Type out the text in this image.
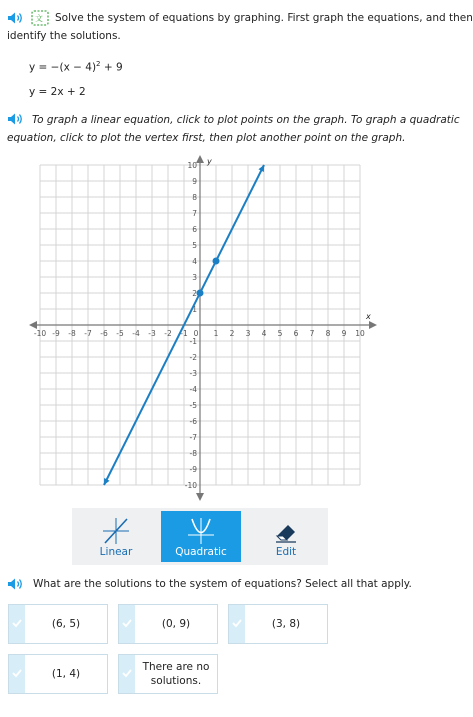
文	Solve the system of equations by graphing. First graph the equations, and then
identify the solutions.
$y = -(x - 4)^2 + 9$
y = 2x + 2
To graph a linear equation, click to plot points on the graph. To graph a quadratic
equation, click to plot the vertex first, then plot another point on the graph.
x
y
-10 -9 -8 -7 -6 -5 -4 -3 -2 -1 0 1 2 3 4 5 6 7 8 9 10
10
9
8
7
6
5
4
3
2
1
-1
-2
-3
-4
-5
-6
-7
-8
-9
-10
Linear	Quadratic	Edit
What are the solutions to the system of equations? Select all that apply.
(6, 5)	(0, 9)	(3, 8)
(1, 4)
There are no solutions.
